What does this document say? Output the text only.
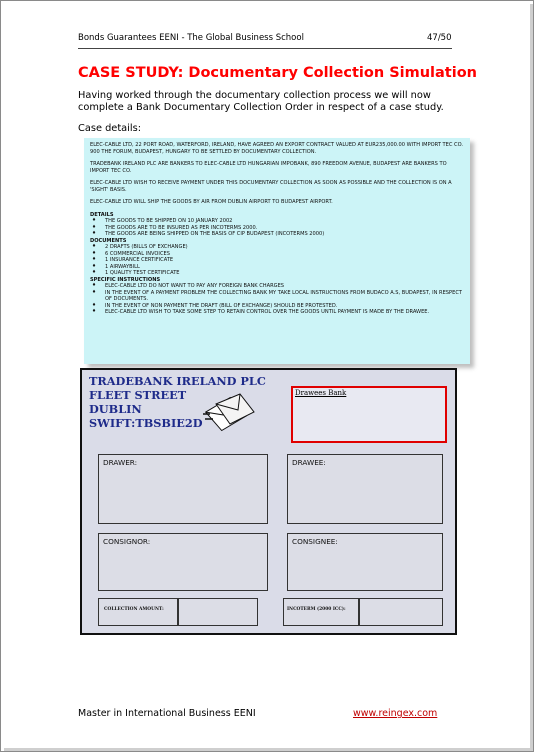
Bonds Guarantees EENI - The Global Business School	47/50
CASE STUDY: Documentary Collection Simulation
Having worked through the documentary collection process we will now complete a Bank Documentary Collection Order in respect of a case study.
Case details:

ELEC-CABLE LTD, 22 PORT ROAD, WATERFORD, IRELAND, HAVE AGREED AN EXPORT CONTRACT VALUED AT EUR235,000.00 WITH IMPORT TEC CO. 900 THE FORUM, BUDAPEST, HUNGARY TO BE SETTLED BY DOCUMENTARY COLLECTION.

TRADEBANK IRELAND PLC ARE BANKERS TO ELEC-CABLE LTD HUNGARIAN IMPOBANK, 890 FREEDOM AVENUE, BUDAPEST ARE BANKERS TO IMPORT TEC CO.

ELEC-CABLE LTD WISH TO RECEIVE PAYMENT UNDER THIS DOCUMENTARY COLLECTION AS SOON AS POSSIBLE AND THE COLLECTION IS ON A 'SIGHT' BASIS.

ELEC-CABLE LTD WILL SHIP THE GOODS BY AIR FROM DUBLIN AIRPORT TO BUDAPEST AIRPORT.

DETAILS
♦ THE GOODS TO BE SHIPPED ON 10 JANUARY 2002
♦ THE GOODS ARE TO BE INSURED AS PER INCOTERMS 2000.
♦ THE GOODS ARE BEING SHIPPED ON THE BASIS OF CIP BUDAPEST (INCOTERMS 2000)
DOCUMENTS
♦ 2 DRAFTS (BILLS OF EXCHANGE)
♦ 6 COMMERCIAL INVOICES
♦ 1 INSURANCE CERTIFICATE
♦ 1 AIRWAYBILL
♦ 1 QUALITY TEST CERTIFICATE
SPECIFIC INSTRUCTIONS
♦ ELEC-CABLE LTD DO NOT WANT TO PAY ANY FOREIGN BANK CHARGES
♦ IN THE EVENT OF A PAYMENT PROBLEM THE COLLECTING BANK MY TAKE LOCAL INSTRUCTIONS FROM BUDACO A.S, BUDAPEST, IN RESPECT OF DOCUMENTS.
♦ IN THE EVENT OF NON PAYMENT THE DRAFT (BILL OF EXCHANGE) SHOULD BE PROTESTED.
♦ ELEC-CABLE LTD WISH TO TAKE SOME STEP TO RETAIN CONTROL OVER THE GOODS UNTIL PAYMENT IS MADE BY THE DRAWEE.
TRADEBANK IRELAND PLC
FLEET STREET
DUBLIN
SWIFT:TBSBIE2D
Drawees Bank
DRAWER:	DRAWEE:
CONSIGNOR:	CONSIGNEE:
COLLECTION AMOUNT:	INCOTERM (2000 ICC):
Master in International Business EENI	www.reingex.com
